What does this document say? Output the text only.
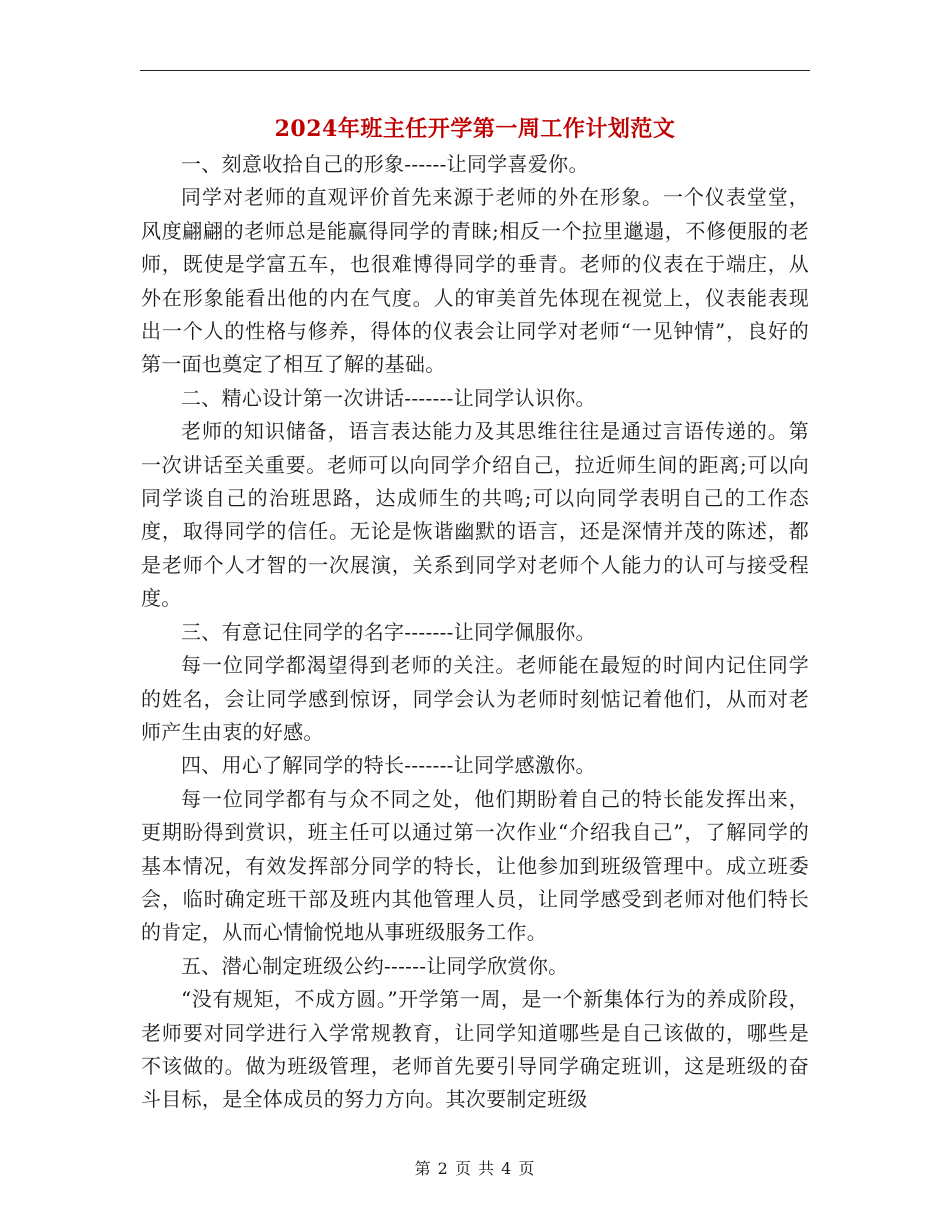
2024年班主任开学第一周工作计划范文

一、刻意收拾自己的形象------让同学喜爱你。

同学对老师的直观评价首先来源于老师的外在形象。一个仪表堂堂，风度翩翩的老师总是能赢得同学的青睐;相反一个拉里邋遢，不修便服的老师，既使是学富五车，也很难博得同学的垂青。老师的仪表在于端庄，从外在形象能看出他的内在气度。人的审美首先体现在视觉上，仪表能表现出一个人的性格与修养，得体的仪表会让同学对老师“一见钟情”，良好的第一面也奠定了相互了解的基础。

二、精心设计第一次讲话-------让同学认识你。

老师的知识储备，语言表达能力及其思维往往是通过言语传递的。第一次讲话至关重要。老师可以向同学介绍自己，拉近师生间的距离;可以向同学谈自己的治班思路，达成师生的共鸣;可以向同学表明自己的工作态度，取得同学的信任。无论是恢谐幽默的语言，还是深情并茂的陈述，都是老师个人才智的一次展演，关系到同学对老师个人能力的认可与接受程度。

三、有意记住同学的名字-------让同学佩服你。

每一位同学都渴望得到老师的关注。老师能在最短的时间内记住同学的姓名，会让同学感到惊讶，同学会认为老师时刻惦记着他们，从而对老师产生由衷的好感。

四、用心了解同学的特长-------让同学感激你。

每一位同学都有与众不同之处，他们期盼着自己的特长能发挥出来，更期盼得到赏识，班主任可以通过第一次作业“介绍我自己”，了解同学的基本情况，有效发挥部分同学的特长，让他参加到班级管理中。成立班委会，临时确定班干部及班内其他管理人员，让同学感受到老师对他们特长的肯定，从而心情愉悦地从事班级服务工作。

五、潜心制定班级公约------让同学欣赏你。

“没有规矩，不成方圆。”开学第一周，是一个新集体行为的养成阶段，老师要对同学进行入学常规教育，让同学知道哪些是自己该做的，哪些是不该做的。做为班级管理，老师首先要引导同学确定班训，这是班级的奋斗目标，是全体成员的努力方向。其次要制定班级

第 2 页 共 4 页
